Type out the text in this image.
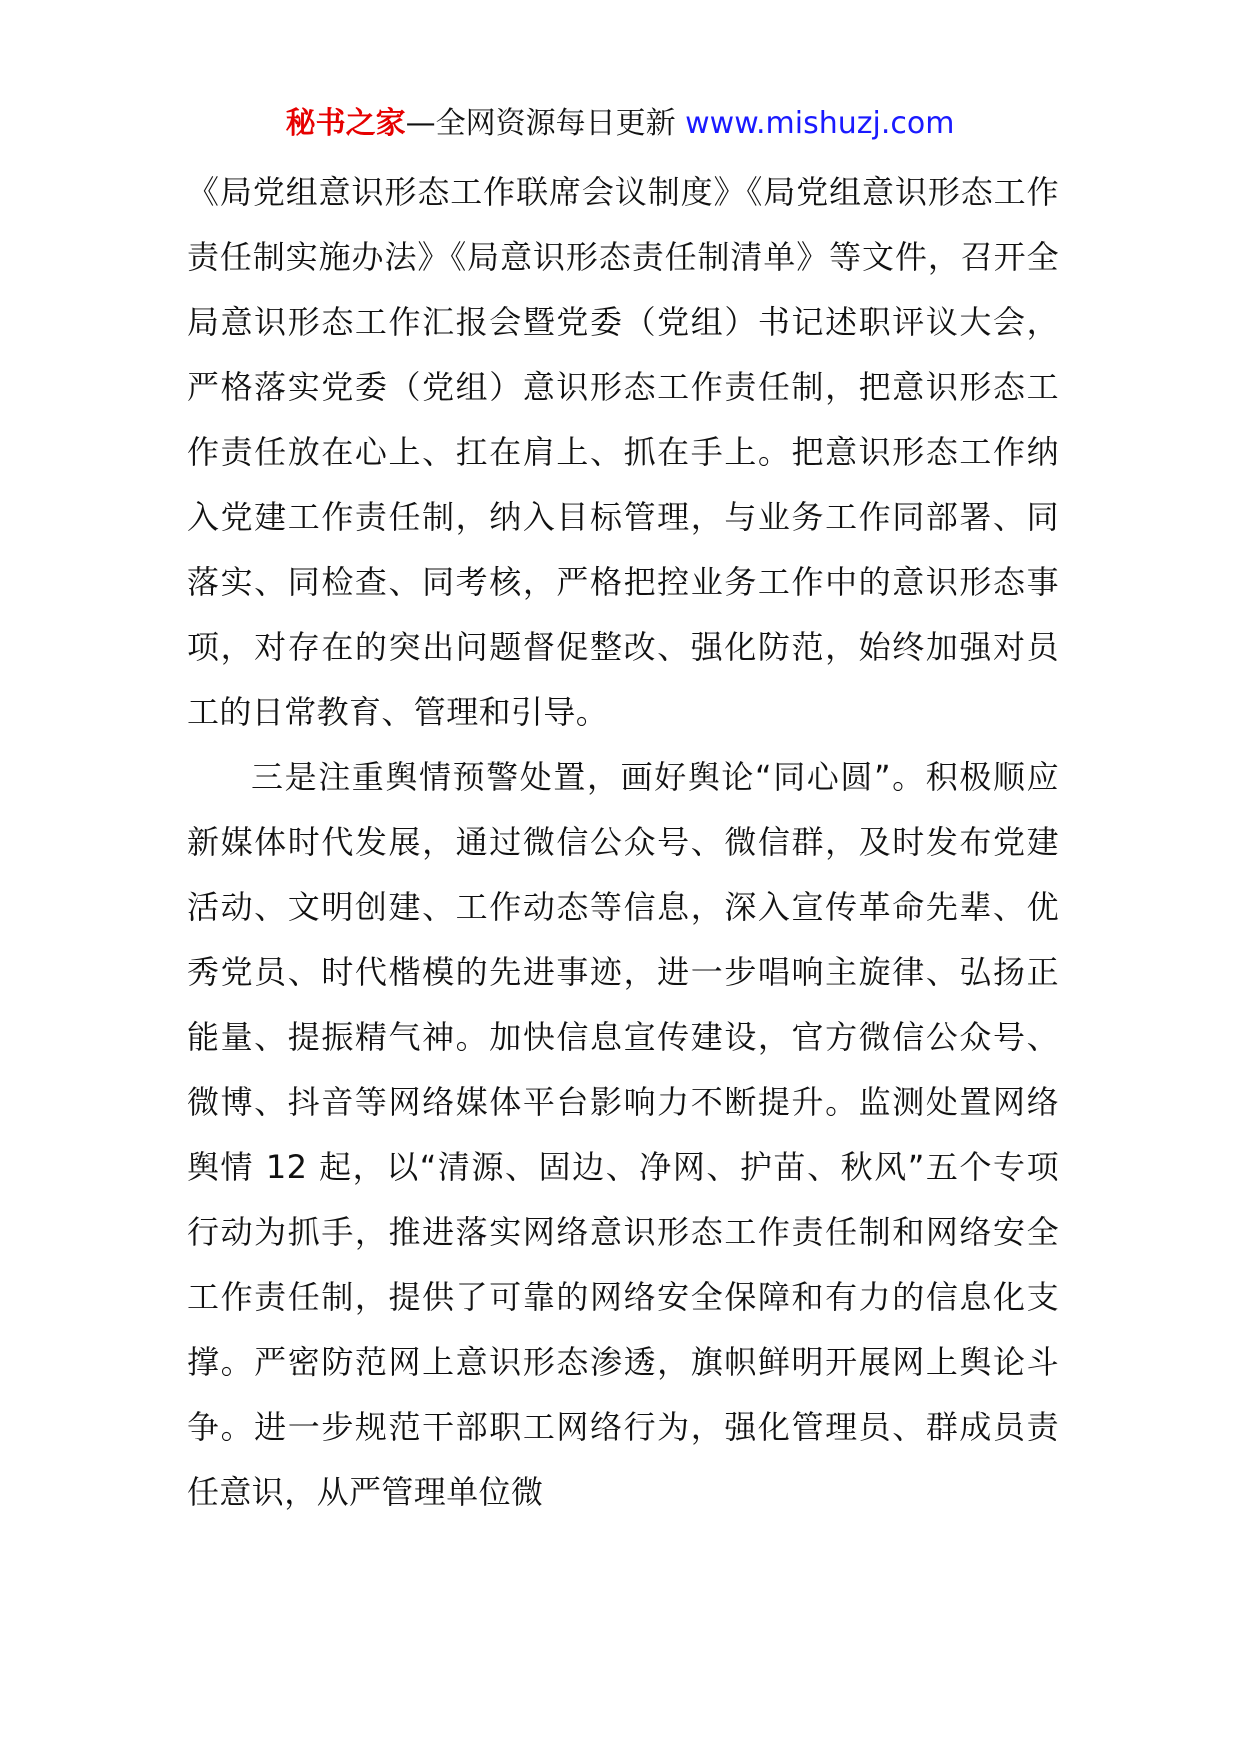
秘书之家—全网资源每日更新 www.mishuzj.com

《局党组意识形态工作联席会议制度》《局党组意识形态工作责任制实施办法》《局意识形态责任制清单》等文件，召开全局意识形态工作汇报会暨党委（党组）书记述职评议大会，严格落实党委（党组）意识形态工作责任制，把意识形态工作责任放在心上、扛在肩上、抓在手上。把意识形态工作纳入党建工作责任制，纳入目标管理，与业务工作同部署、同落实、同检查、同考核，严格把控业务工作中的意识形态事项，对存在的突出问题督促整改、强化防范，始终加强对员工的日常教育、管理和引导。

三是注重舆情预警处置，画好舆论“同心圆”。积极顺应新媒体时代发展，通过微信公众号、微信群，及时发布党建活动、文明创建、工作动态等信息，深入宣传革命先辈、优秀党员、时代楷模的先进事迹，进一步唱响主旋律、弘扬正能量、提振精气神。加快信息宣传建设，官方微信公众号、微博、抖音等网络媒体平台影响力不断提升。监测处置网络舆情 12 起，以“清源、固边、净网、护苗、秋风”五个专项行动为抓手，推进落实网络意识形态工作责任制和网络安全工作责任制，提供了可靠的网络安全保障和有力的信息化支撑。严密防范网上意识形态渗透，旗帜鲜明开展网上舆论斗争。进一步规范干部职工网络行为，强化管理员、群成员责任意识，从严管理单位微
